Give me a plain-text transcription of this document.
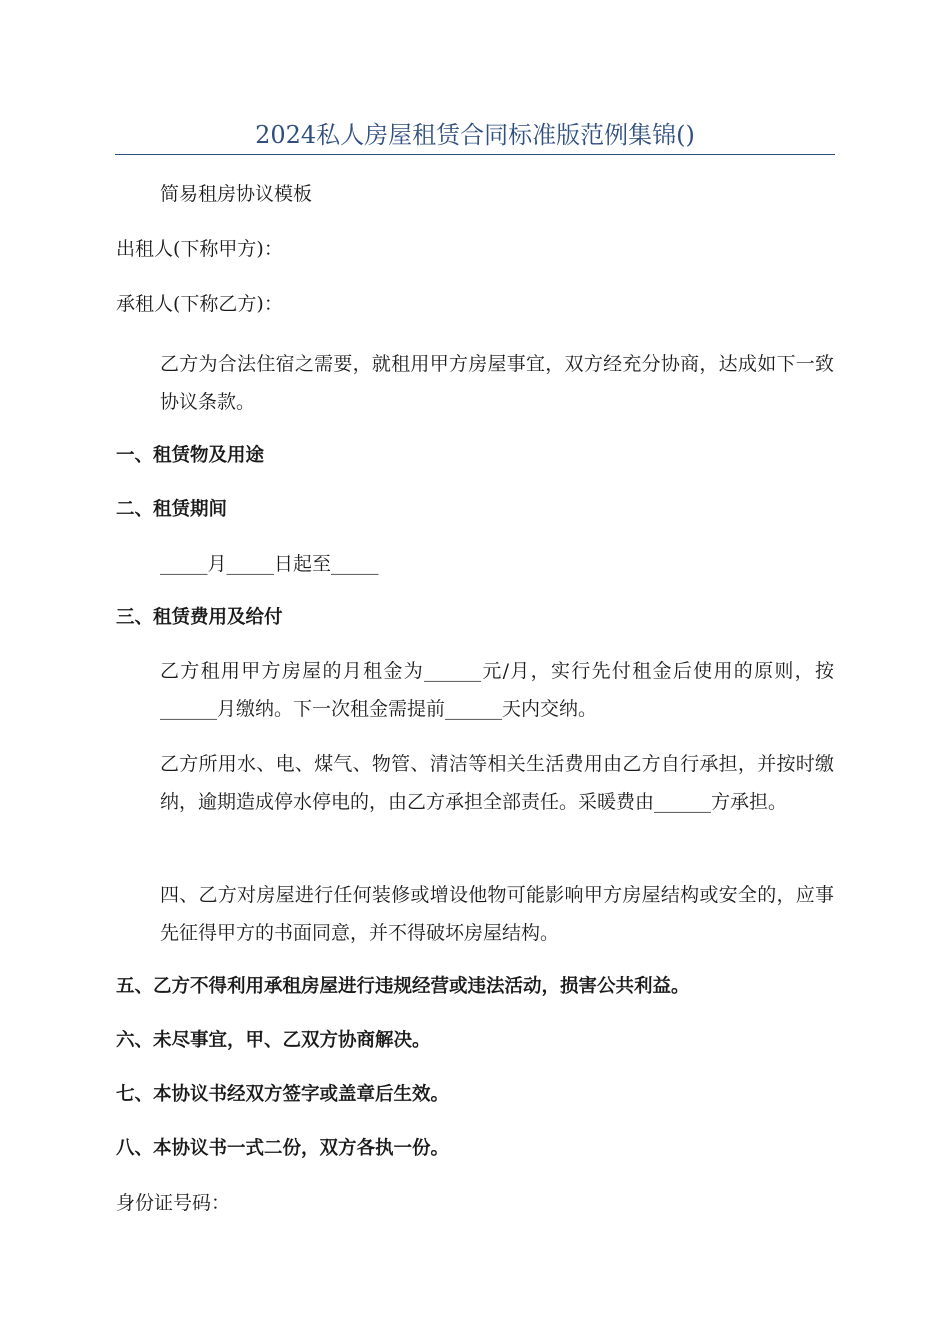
2024私人房屋租赁合同标准版范例集锦()
简易租房协议模板
出租人(下称甲方)：
承租人(下称乙方)：
乙方为合法住宿之需要，就租用甲方房屋事宜，双方经充分协商，达成如下一致协议条款。
一、租赁物及用途
二、租赁期间
_____月_____日起至_____
三、租赁费用及给付
乙方租用甲方房屋的月租金为______元/月，实行先付租金后使用的原则，按______月缴纳。下一次租金需提前______天内交纳。
乙方所用水、电、煤气、物管、清洁等相关生活费用由乙方自行承担，并按时缴纳，逾期造成停水停电的，由乙方承担全部责任。采暖费由______方承担。
四、乙方对房屋进行任何装修或增设他物可能影响甲方房屋结构或安全的，应事先征得甲方的书面同意，并不得破坏房屋结构。
五、乙方不得利用承租房屋进行违规经营或违法活动，损害公共利益。
六、未尽事宜，甲、乙双方协商解决。
七、本协议书经双方签字或盖章后生效。
八、本协议书一式二份，双方各执一份。
身份证号码：
